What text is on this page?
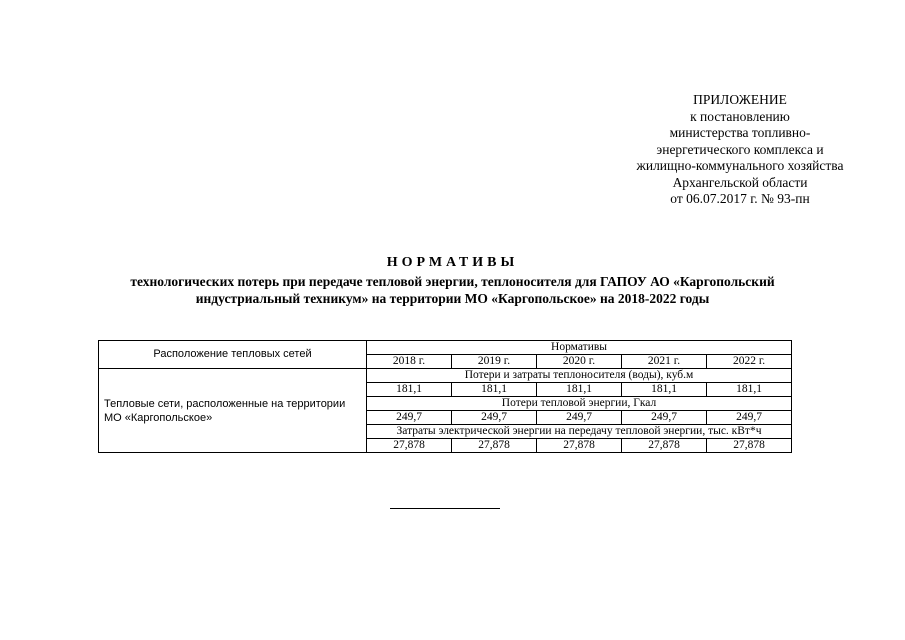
ПРИЛОЖЕНИЕ
к постановлению
министерства топливно-
энергетического комплекса и
жилищно-коммунального хозяйства
Архангельской области
от 06.07.2017 г. № 93-пн
НОРМАТИВЫ
технологических потерь при передаче тепловой энергии, теплоносителя для ГАПОУ АО «Каргопольский
индустриальный техникум» на территории МО «Каргопольское» на 2018-2022 годы
Расположение тепловых сетей	Нормативы				
	2018 г.	2019 г.	2020 г.	2021 г.	2022 г.
Тепловые сети, расположенные на территории МО «Каргопольское»	Потери и затраты теплоносителя (воды), куб.м				
	181,1	181,1	181,1	181,1	181,1
	Потери тепловой энергии, Гкал				
	249,7	249,7	249,7	249,7	249,7
	Затраты электрической энергии на передачу тепловой энергии, тыс. кВт*ч				
	27,878	27,878	27,878	27,878	27,878
